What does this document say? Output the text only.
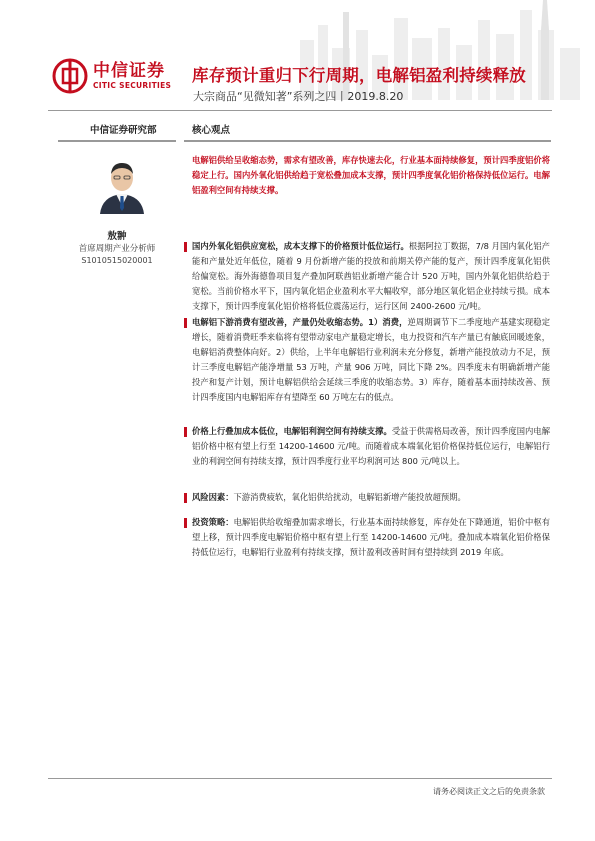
中信证券
CITIC SECURITIES
库存预计重归下行周期，电解铝盈利持续释放
大宗商品“见微知著”系列之四丨2019.8.20
中信证券研究部	核心观点
敖翀
首席周期产业分析师
S1010515020001
电解铝供给呈收缩态势，需求有望改善，库存快速去化，行业基本面持续修复，预计四季度铝价将稳定上行。国内外氧化铝供给趋于宽松叠加成本支撑，预计四季度氧化铝价格保持低位运行。电解铝盈利空间有持续支撑。
国内外氧化铝供应宽松，成本支撑下的价格预计低位运行。根据阿拉丁数据，7/8 月国内氧化铝产能和产量处近年低位，随着 9 月份新增产能的投放和前期关停产能的复产，预计四季度氧化铝供给偏宽松。海外海德鲁项目复产叠加阿联酋铝业新增产能合计 520 万吨，国内外氧化铝供给趋于宽松。当前价格水平下，国内氧化铝企业盈利水平大幅收窄，部分地区氧化铝企业持续亏损。成本支撑下，预计四季度氧化铝价格将低位震荡运行，运行区间 2400-2600 元/吨。
电解铝下游消费有望改善，产量仍处收缩态势。1）消费，逆周期调节下二季度地产基建实现稳定增长，随着消费旺季来临将有望带动家电产量稳定增长，电力投资和汽车产量已有触底回暖迹象，电解铝消费整体向好。2）供给，上半年电解铝行业利润未充分修复，新增产能投放动力不足，预计三季度电解铝产能净增量 53 万吨，产量 906 万吨，同比下降 2%。四季度未有明确新增产能投产和复产计划，预计电解铝供给会延续三季度的收缩态势。3）库存，随着基本面持续改善、预计四季度国内电解铝库存有望降至 60 万吨左右的低点。
价格上行叠加成本低位，电解铝利润空间有持续支撑。受益于供需格局改善，预计四季度国内电解铝价格中枢有望上行至 14200-14600 元/吨。而随着成本端氧化铝价格保持低位运行，电解铝行业的利润空间有持续支撑，预计四季度行业平均利润可达 800 元/吨以上。
风险因素：下游消费疲软，氧化铝供给扰动，电解铝新增产能投放超预期。
投资策略：电解铝供给收缩叠加需求增长，行业基本面持续修复，库存处在下降通道，铝价中枢有望上移，预计四季度电解铝价格中枢有望上行至 14200-14600 元/吨。叠加成本端氧化铝价格保持低位运行，电解铝行业盈利有持续支撑，预计盈利改善时间有望持续到 2019 年底。
请务必阅读正文之后的免责条款
